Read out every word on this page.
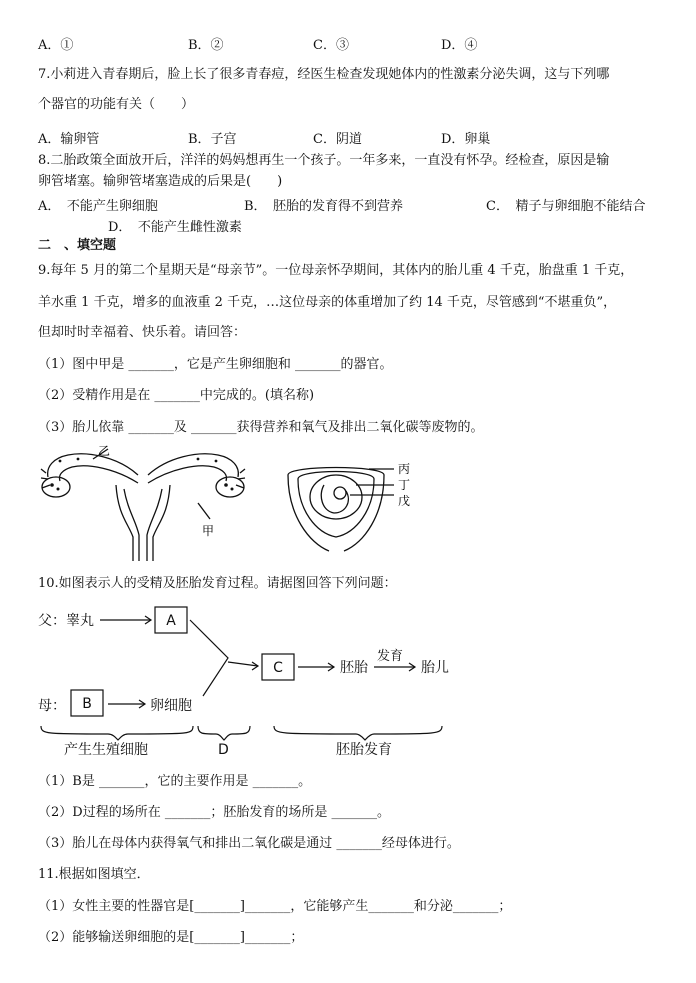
A．①	B．②	C．③	D．④
7.小莉进入青春期后，脸上长了很多青春痘，经医生检查发现她体内的性激素分泌失调，这与下列哪
个器官的功能有关（　　）
A．输卵管	B．子宫	C．阴道	D．卵巢
8.二胎政策全面放开后，洋洋的妈妈想再生一个孩子。一年多来，一直没有怀孕。经检查，原因是输
卵管堵塞。输卵管堵塞造成的后果是(　　)
A．　不能产生卵细胞	B．　胚胎的发育得不到营养	C．　精子与卵细胞不能结合
D．　不能产生雌性激素
二　、填空题
9.每年 5 月的第二个星期天是“母亲节”。一位母亲怀孕期间，其体内的胎儿重 4 千克，胎盘重 1 千克，
羊水重 1 千克，增多的血液重 2 千克，…这位母亲的体重增加了约 14 千克，尽管感到“不堪重负”，
但却时时幸福着、快乐着。请回答：
（1）图中甲是 _______，它是产生卵细胞和 _______的器官。
（2）受精作用是在 _______中完成的。(填名称)
（3）胎儿依靠 _______及 _______获得营养和氧气及排出二氧化碳等废物的。
乙
甲
丙
丁
戊
10.如图表示人的受精及胚胎发育过程。请据图回答下列问题：
父：睾丸
母：	卵细胞
胚胎
发育
胎儿
产生生殖细胞	D	胚胎发育
A
B
C
（1）B是 _______，它的主要作用是 _______。
（2）D过程的场所在 _______；胚胎发育的场所是 _______。
（3）胎儿在母体内获得氧气和排出二氧化碳是通过 _______经母体进行。
11.根据如图填空．
（1）女性主要的性器官是[_______]_______，它能够产生_______和分泌_______；
（2）能够输送卵细胞的是[_______]_______；
